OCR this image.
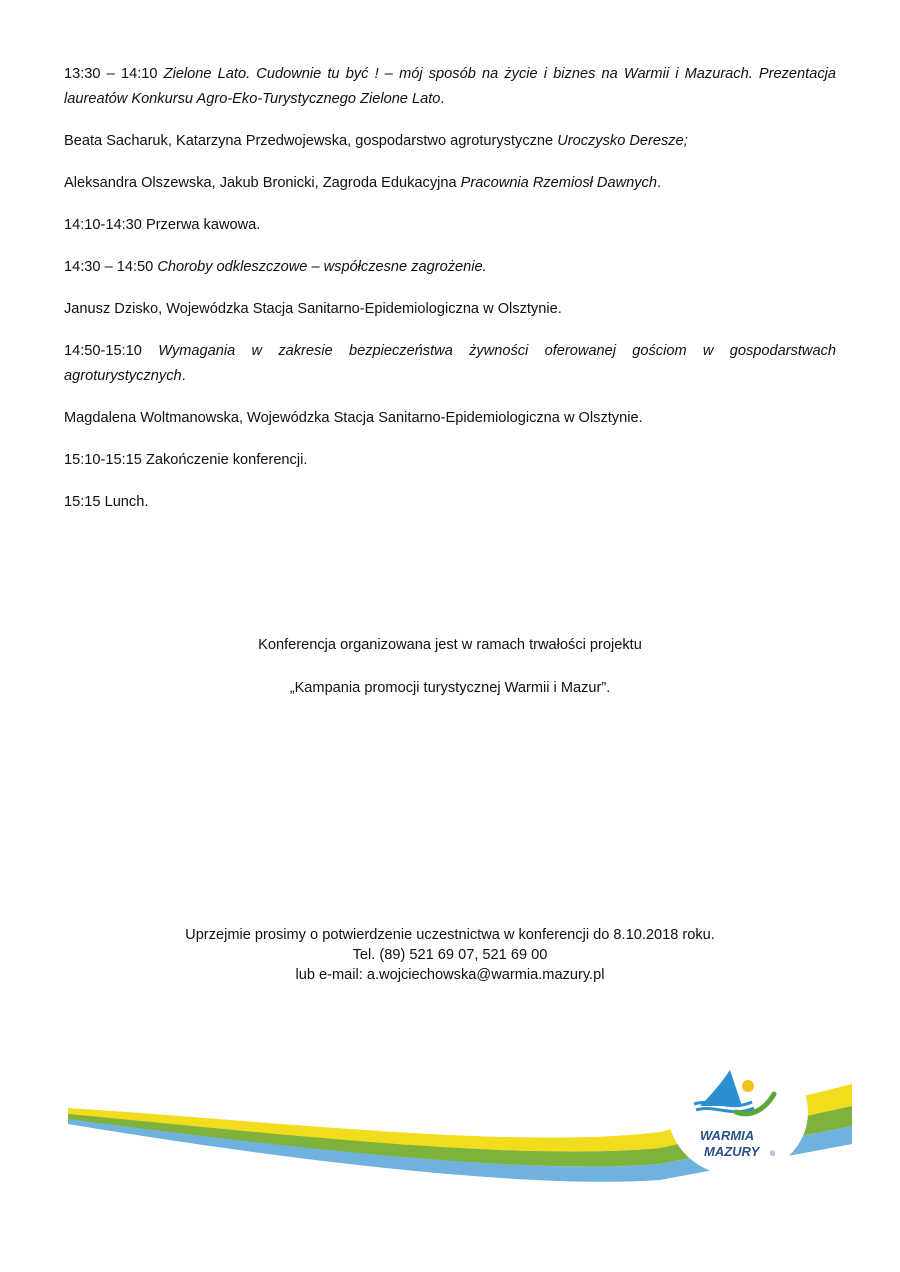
13:30 – 14:10 Zielone Lato. Cudownie tu być ! – mój sposób na życie i biznes na Warmii i Mazurach. Prezentacja laureatów Konkursu Agro-Eko-Turystycznego Zielone Lato.

Beata Sacharuk, Katarzyna Przedwojewska, gospodarstwo agroturystyczne Uroczysko Deresze;

Aleksandra Olszewska, Jakub Bronicki, Zagroda Edukacyjna Pracownia Rzemiosł Dawnych.

14:10-14:30 Przerwa kawowa.

14:30 – 14:50 Choroby odkleszczowe – współczesne zagrożenie.

Janusz Dzisko, Wojewódzka Stacja Sanitarno-Epidemiologiczna w Olsztynie.

14:50-15:10 Wymagania w zakresie bezpieczeństwa żywności oferowanej gościom w gospodarstwach agroturystycznych.

Magdalena Woltmanowska, Wojewódzka Stacja Sanitarno-Epidemiologiczna w Olsztynie.

15:10-15:15 Zakończenie konferencji.

15:15 Lunch.

Konferencja organizowana jest w ramach trwałości projektu

„Kampania promocji turystycznej Warmii i Mazur”.

Uprzejmie prosimy o potwierdzenie uczestnictwa w konferencji do 8.10.2018 roku.

Tel. (89) 521 69 07, 521 69 00

lub e-mail: a.wojciechowska@warmia.mazury.pl

WARMIA
MAZURY ®
